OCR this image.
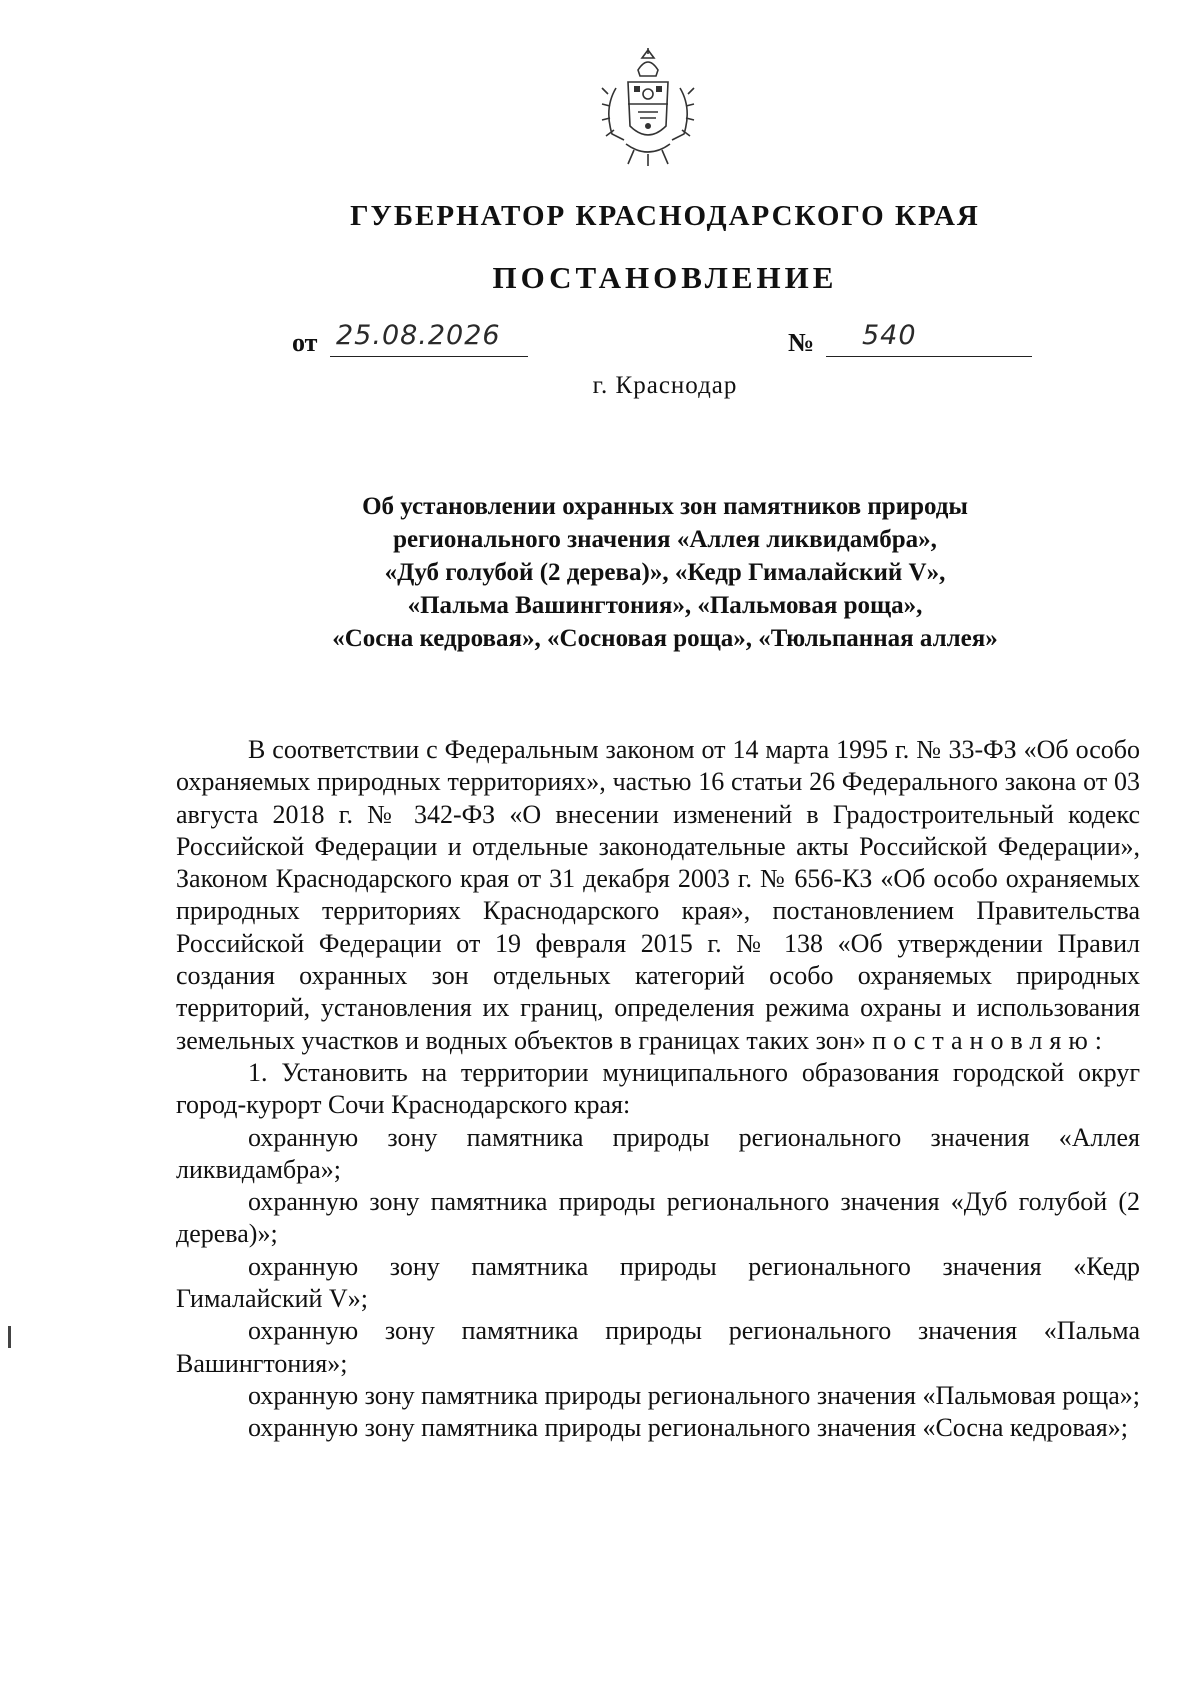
ГУБЕРНАТОР КРАСНОДАРСКОГО КРАЯ
ПОСТАНОВЛЕНИЕ
от 25.08.2026	№ 540
г. Краснодар
Об установлении охранных зон памятников природы
регионального значения «Аллея ликвидамбра»,
«Дуб голубой (2 дерева)», «Кедр Гималайский V»,
«Пальма Вашингтония», «Пальмовая роща»,
«Сосна кедровая», «Сосновая роща», «Тюльпанная аллея»

В соответствии с Федеральным законом от 14 марта 1995 г. № 33-ФЗ «Об особо охраняемых природных территориях», частью 16 статьи 26 Федерального закона от 03 августа 2018 г. № 342-ФЗ «О внесении изменений в Градостроительный кодекс Российской Федерации и отдельные законодательные акты Российской Федерации», Законом Краснодарского края от 31 декабря 2003 г. № 656-КЗ «Об особо охраняемых природных территориях Краснодарского края», постановлением Правительства Российской Федерации от 19 февраля 2015 г. № 138 «Об утверждении Правил создания охранных зон отдельных категорий особо охраняемых природных территорий, установления их границ, определения режима охраны и использования земельных участков и водных объектов в границах таких зон» постановляю:

1. Установить на территории муниципального образования городской округ город-курорт Сочи Краснодарского края:

охранную зону памятника природы регионального значения «Аллея ликвидамбра»;

охранную зону памятника природы регионального значения «Дуб голубой (2 дерева)»;

охранную зону памятника природы регионального значения «Кедр Гималайский V»;

охранную зону памятника природы регионального значения «Пальма Вашингтония»;

охранную зону памятника природы регионального значения «Пальмовая роща»;

охранную зону памятника природы регионального значения «Сосна кедровая»;
